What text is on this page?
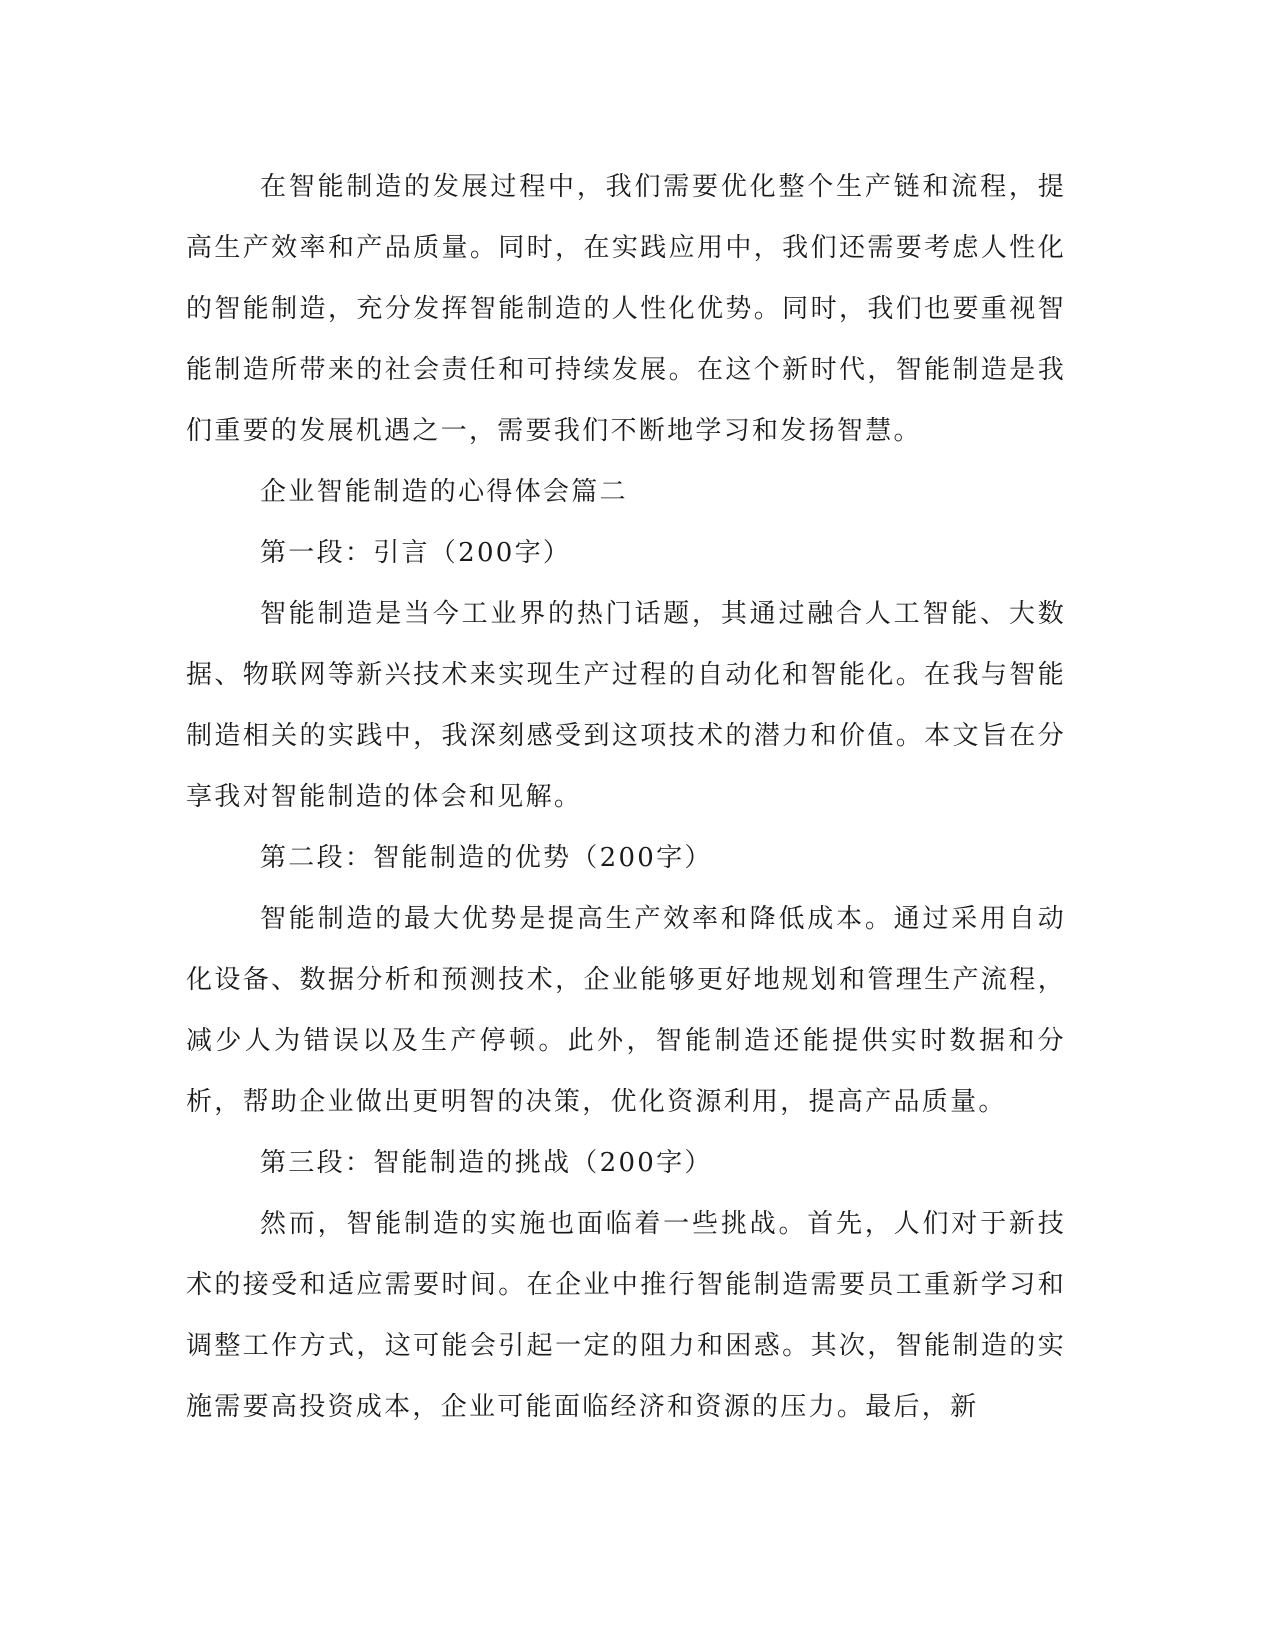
在智能制造的发展过程中，我们需要优化整个生产链和流程，提高生产效率和产品质量。同时，在实践应用中，我们还需要考虑人性化的智能制造，充分发挥智能制造的人性化优势。同时，我们也要重视智能制造所带来的社会责任和可持续发展。在这个新时代，智能制造是我们重要的发展机遇之一，需要我们不断地学习和发扬智慧。

企业智能制造的心得体会篇二

第一段：引言（200字）

智能制造是当今工业界的热门话题，其通过融合人工智能、大数据、物联网等新兴技术来实现生产过程的自动化和智能化。在我与智能制造相关的实践中，我深刻感受到这项技术的潜力和价值。本文旨在分享我对智能制造的体会和见解。

第二段：智能制造的优势（200字）

智能制造的最大优势是提高生产效率和降低成本。通过采用自动化设备、数据分析和预测技术，企业能够更好地规划和管理生产流程，减少人为错误以及生产停顿。此外，智能制造还能提供实时数据和分析，帮助企业做出更明智的决策，优化资源利用，提高产品质量。

第三段：智能制造的挑战（200字）

然而，智能制造的实施也面临着一些挑战。首先，人们对于新技术的接受和适应需要时间。在企业中推行智能制造需要员工重新学习和调整工作方式，这可能会引起一定的阻力和困惑。其次，智能制造的实施需要高投资成本，企业可能面临经济和资源的压力。最后，新
